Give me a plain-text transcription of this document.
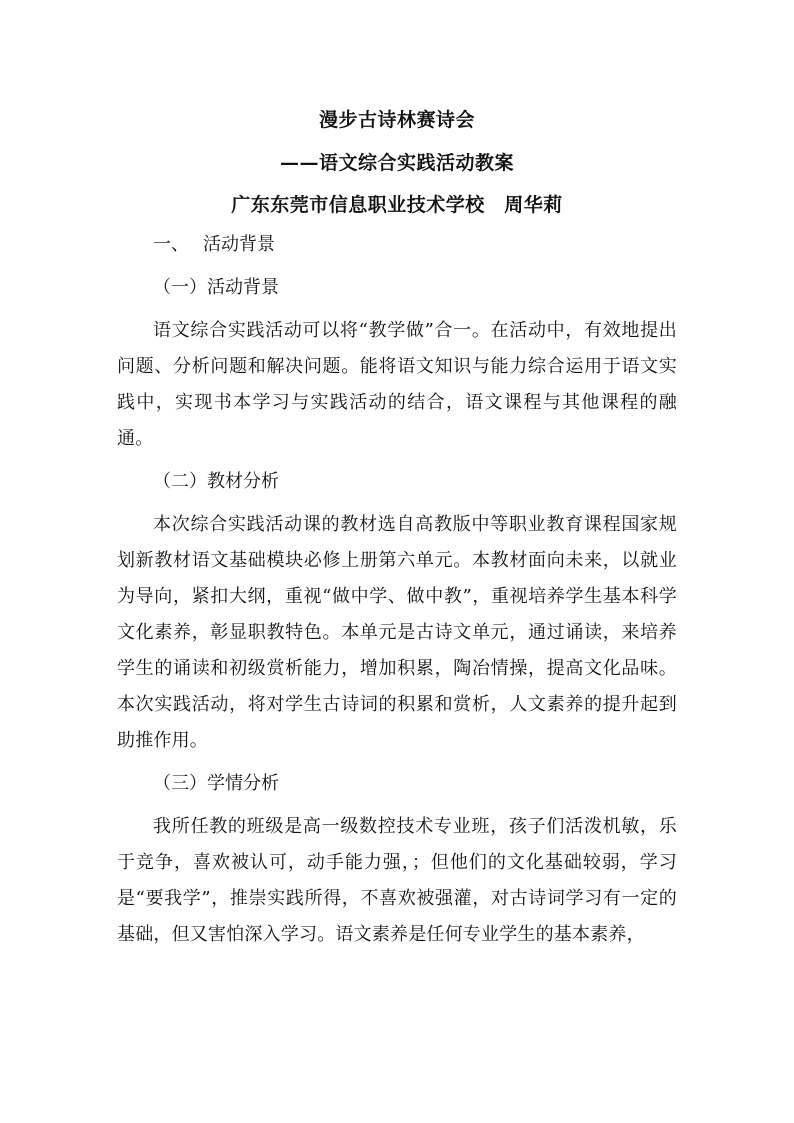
漫步古诗林赛诗会
——语文综合实践活动教案
广东东莞市信息职业技术学校　周华莉

一、 活动背景

（一）活动背景

语文综合实践活动可以将“教学做”合一。在活动中，有效地提出问题、分析问题和解决问题。能将语文知识与能力综合运用于语文实践中，实现书本学习与实践活动的结合，语文课程与其他课程的融通。

（二）教材分析

本次综合实践活动课的教材选自高教版中等职业教育课程国家规划新教材语文基础模块必修上册第六单元。本教材面向未来，以就业为导向，紧扣大纲，重视“做中学、做中教”，重视培养学生基本科学文化素养，彰显职教特色。本单元是古诗文单元，通过诵读，来培养学生的诵读和初级赏析能力，增加积累，陶冶情操，提高文化品味。本次实践活动，将对学生古诗词的积累和赏析，人文素养的提升起到助推作用。

（三）学情分析

我所任教的班级是高一级数控技术专业班，孩子们活泼机敏，乐于竞争，喜欢被认可，动手能力强，；但他们的文化基础较弱，学习是“要我学”，推崇实践所得，不喜欢被强灌，对古诗词学习有一定的基础，但又害怕深入学习。语文素养是任何专业学生的基本素养，
